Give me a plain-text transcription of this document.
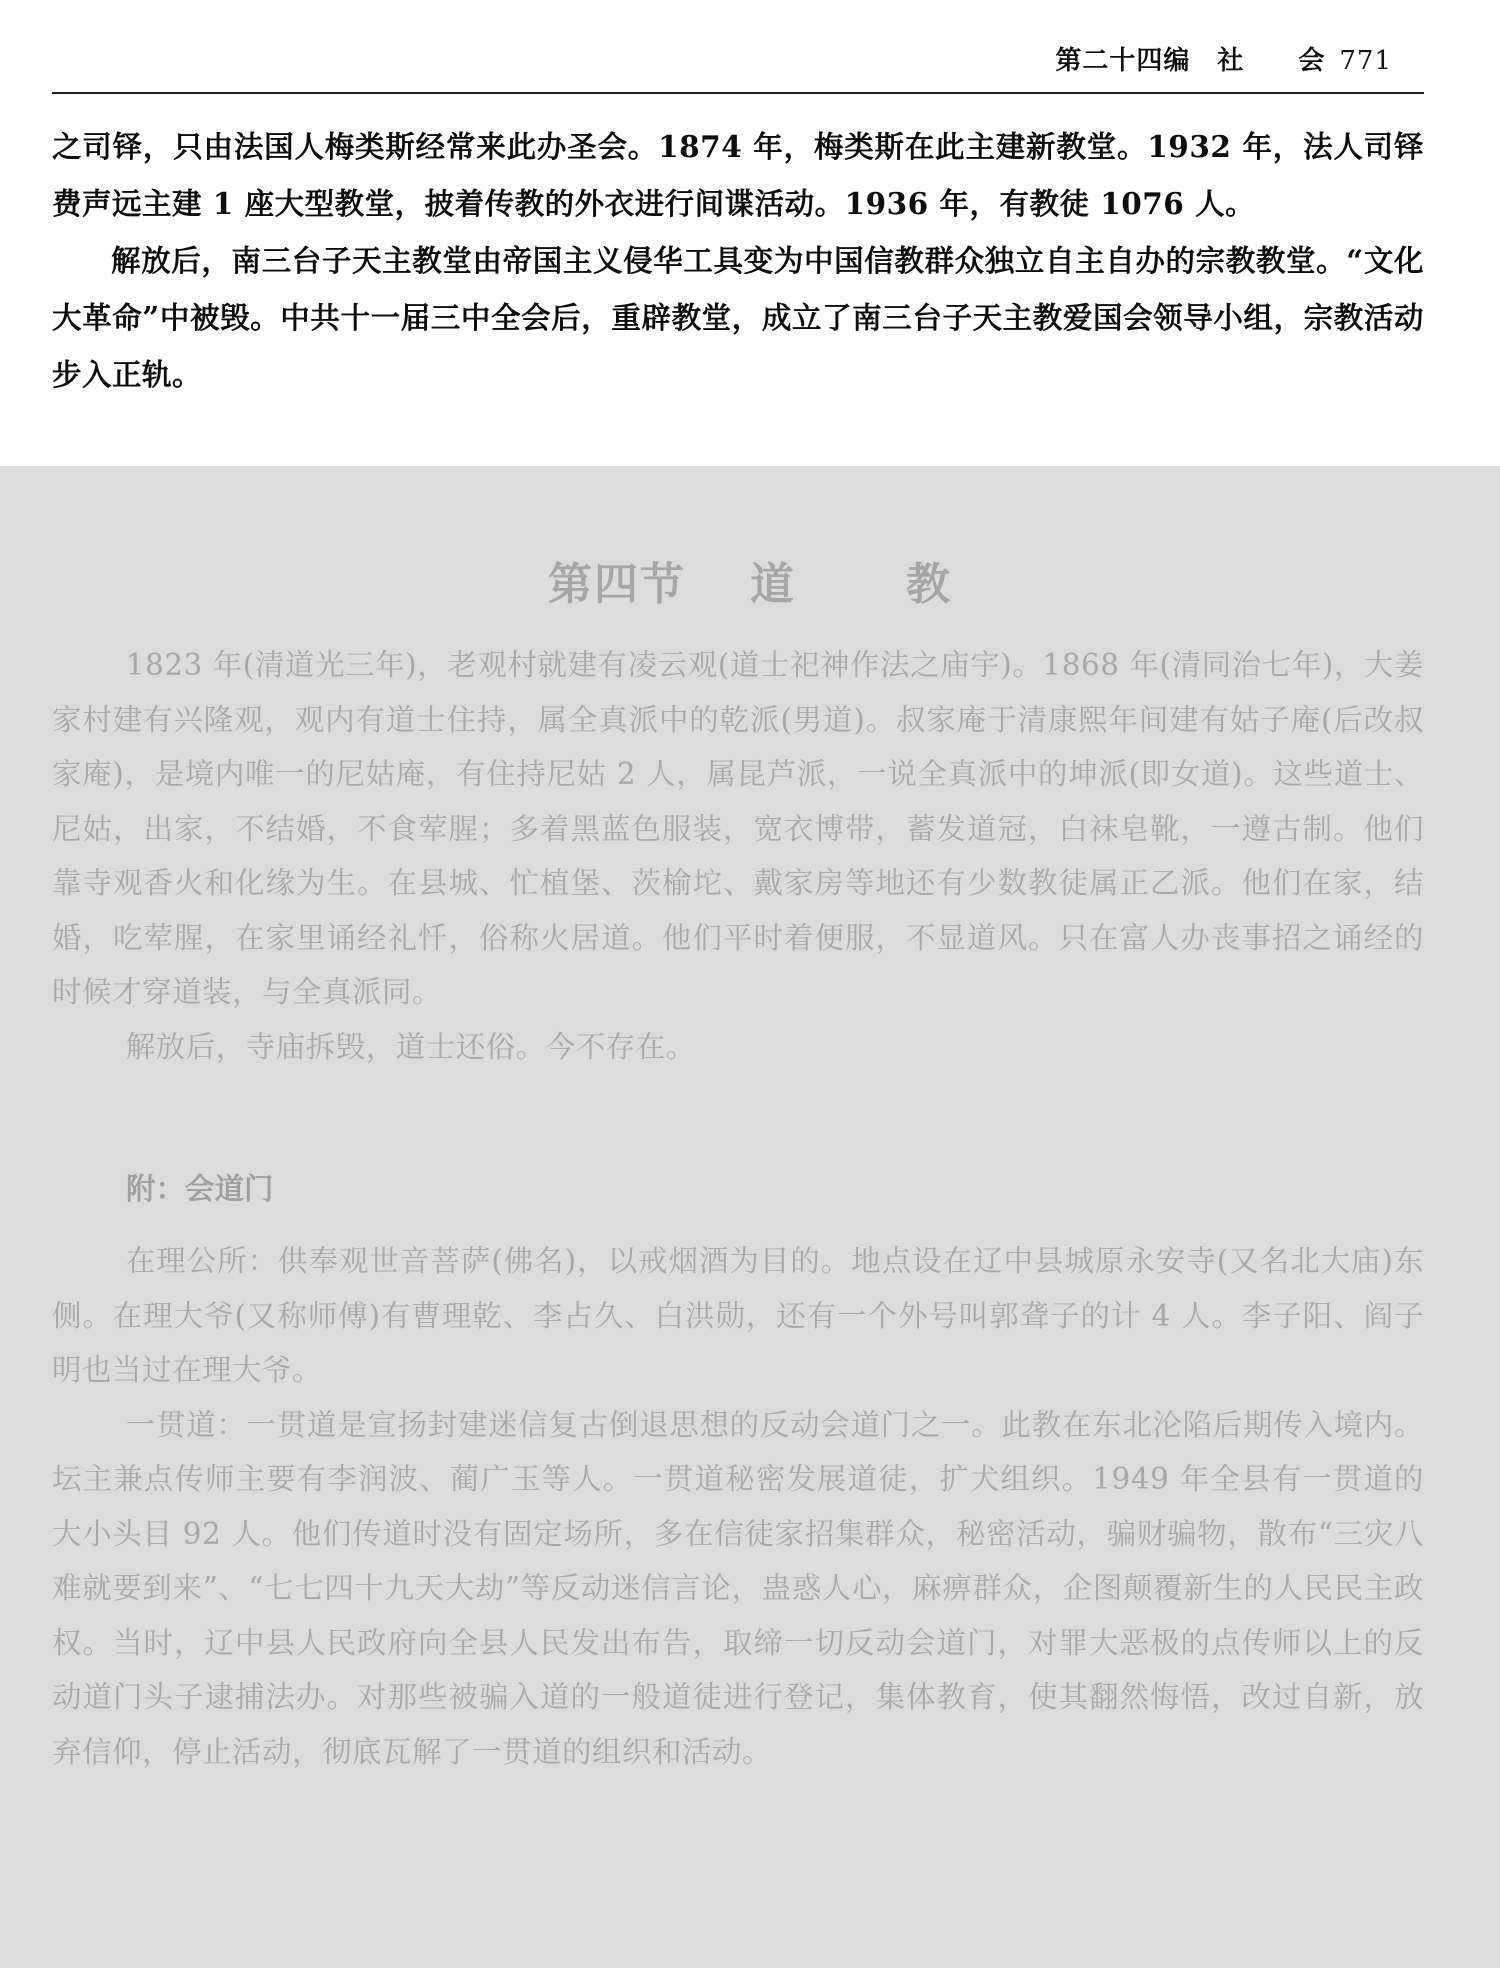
第二十四编　社　　会 771

之司铎，只由法国人梅类斯经常来此办圣会。1874 年，梅类斯在此主建新教堂。1932 年，法人司铎费声远主建 1 座大型教堂，披着传教的外衣进行间谍活动。1936 年，有教徒 1076 人。

解放后，南三台子天主教堂由帝国主义侵华工具变为中国信教群众独立自主自办的宗教教堂。“文化大革命”中被毁。中共十一届三中全会后，重辟教堂，成立了南三台子天主教爱国会领导小组，宗教活动步入正轨。

第四节 道	教

1823 年(清道光三年)，老观村就建有凌云观(道士祀神作法之庙宇)。1868 年(清同治七年)，大姜家村建有兴隆观，观内有道士住持，属全真派中的乾派(男道)。叔家庵于清康熙年间建有姑子庵(后改叔家庵)，是境内唯一的尼姑庵，有住持尼姑 2 人，属昆芦派，一说全真派中的坤派(即女道)。这些道士、尼姑，出家，不结婚，不食荤腥；多着黑蓝色服装，宽衣博带，蓄发道冠，白袜皂靴，一遵古制。他们靠寺观香火和化缘为生。在县城、忙植堡、茨榆坨、戴家房等地还有少数教徒属正乙派。他们在家，结婚，吃荤腥，在家里诵经礼忏，俗称火居道。他们平时着便服，不显道风。只在富人办丧事招之诵经的时候才穿道装，与全真派同。

解放后，寺庙拆毁，道士还俗。今不存在。

附：会道门

在理公所：供奉观世音菩萨(佛名)，以戒烟酒为目的。地点设在辽中县城原永安寺(又名北大庙)东侧。在理大爷(又称师傅)有曹理乾、李占久、白洪勋，还有一个外号叫郭聋子的计 4 人。李子阳、阎子明也当过在理大爷。

一贯道：一贯道是宣扬封建迷信复古倒退思想的反动会道门之一。此教在东北沦陷后期传入境内。坛主兼点传师主要有李润波、蔺广玉等人。一贯道秘密发展道徒，扩犬组织。1949 年全县有一贯道的大小头目 92 人。他们传道时没有固定场所，多在信徒家招集群众，秘密活动，骗财骗物，散布“三灾八难就要到来”、“七七四十九天大劫”等反动迷信言论，蛊惑人心，麻痹群众，企图颠覆新生的人民民主政权。当时，辽中县人民政府向全县人民发出布告，取缔一切反动会道门，对罪大恶极的点传师以上的反动道门头子逮捕法办。对那些被骗入道的一般道徒进行登记，集体教育，使其翻然悔悟，改过自新，放弃信仰，停止活动，彻底瓦解了一贯道的组织和活动。
